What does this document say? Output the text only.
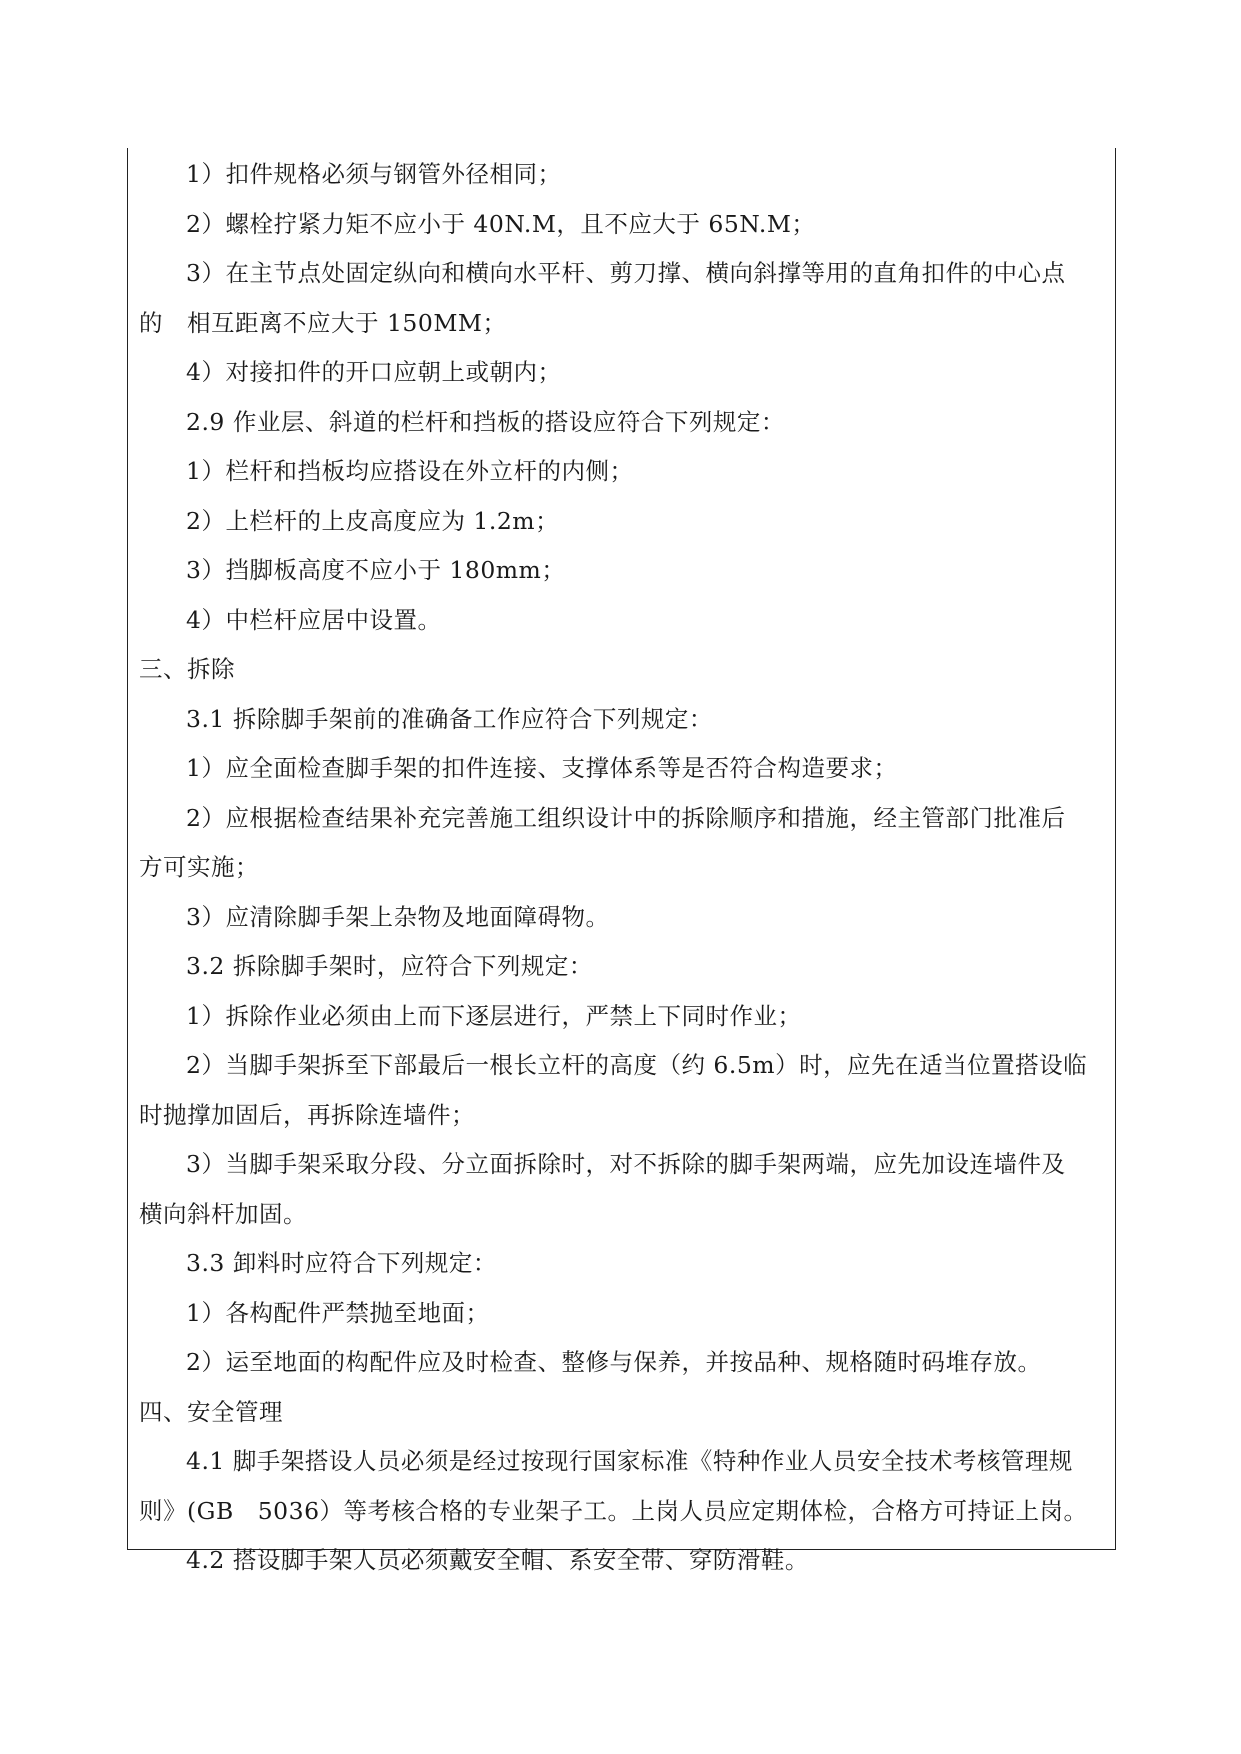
1）扣件规格必须与钢管外径相同；
2）螺栓拧紧力矩不应小于 40N.M，且不应大于 65N.M；
3）在主节点处固定纵向和横向水平杆、剪刀撑、横向斜撑等用的直角扣件的中心点
的　相互距离不应大于 150MM；
4）对接扣件的开口应朝上或朝内；
2.9 作业层、斜道的栏杆和挡板的搭设应符合下列规定：
1）栏杆和挡板均应搭设在外立杆的内侧；
2）上栏杆的上皮高度应为 1.2m；
3）挡脚板高度不应小于 180mm；
4）中栏杆应居中设置。
三、拆除
3.1 拆除脚手架前的准确备工作应符合下列规定：
1）应全面检查脚手架的扣件连接、支撑体系等是否符合构造要求；
2）应根据检查结果补充完善施工组织设计中的拆除顺序和措施，经主管部门批准后
方可实施；
3）应清除脚手架上杂物及地面障碍物。
3.2 拆除脚手架时，应符合下列规定：
1）拆除作业必须由上而下逐层进行，严禁上下同时作业；
2）当脚手架拆至下部最后一根长立杆的高度（约 6.5m）时，应先在适当位置搭设临
时抛撑加固后，再拆除连墙件；
3）当脚手架采取分段、分立面拆除时，对不拆除的脚手架两端，应先加设连墙件及
横向斜杆加固。
3.3 卸料时应符合下列规定：
1）各构配件严禁抛至地面；
2）运至地面的构配件应及时检查、整修与保养，并按品种、规格随时码堆存放。
四、安全管理
4.1 脚手架搭设人员必须是经过按现行国家标准《特种作业人员安全技术考核管理规
则》(GB　5036）等考核合格的专业架子工。上岗人员应定期体检，合格方可持证上岗。
4.2 搭设脚手架人员必须戴安全帽、系安全带、穿防滑鞋。
